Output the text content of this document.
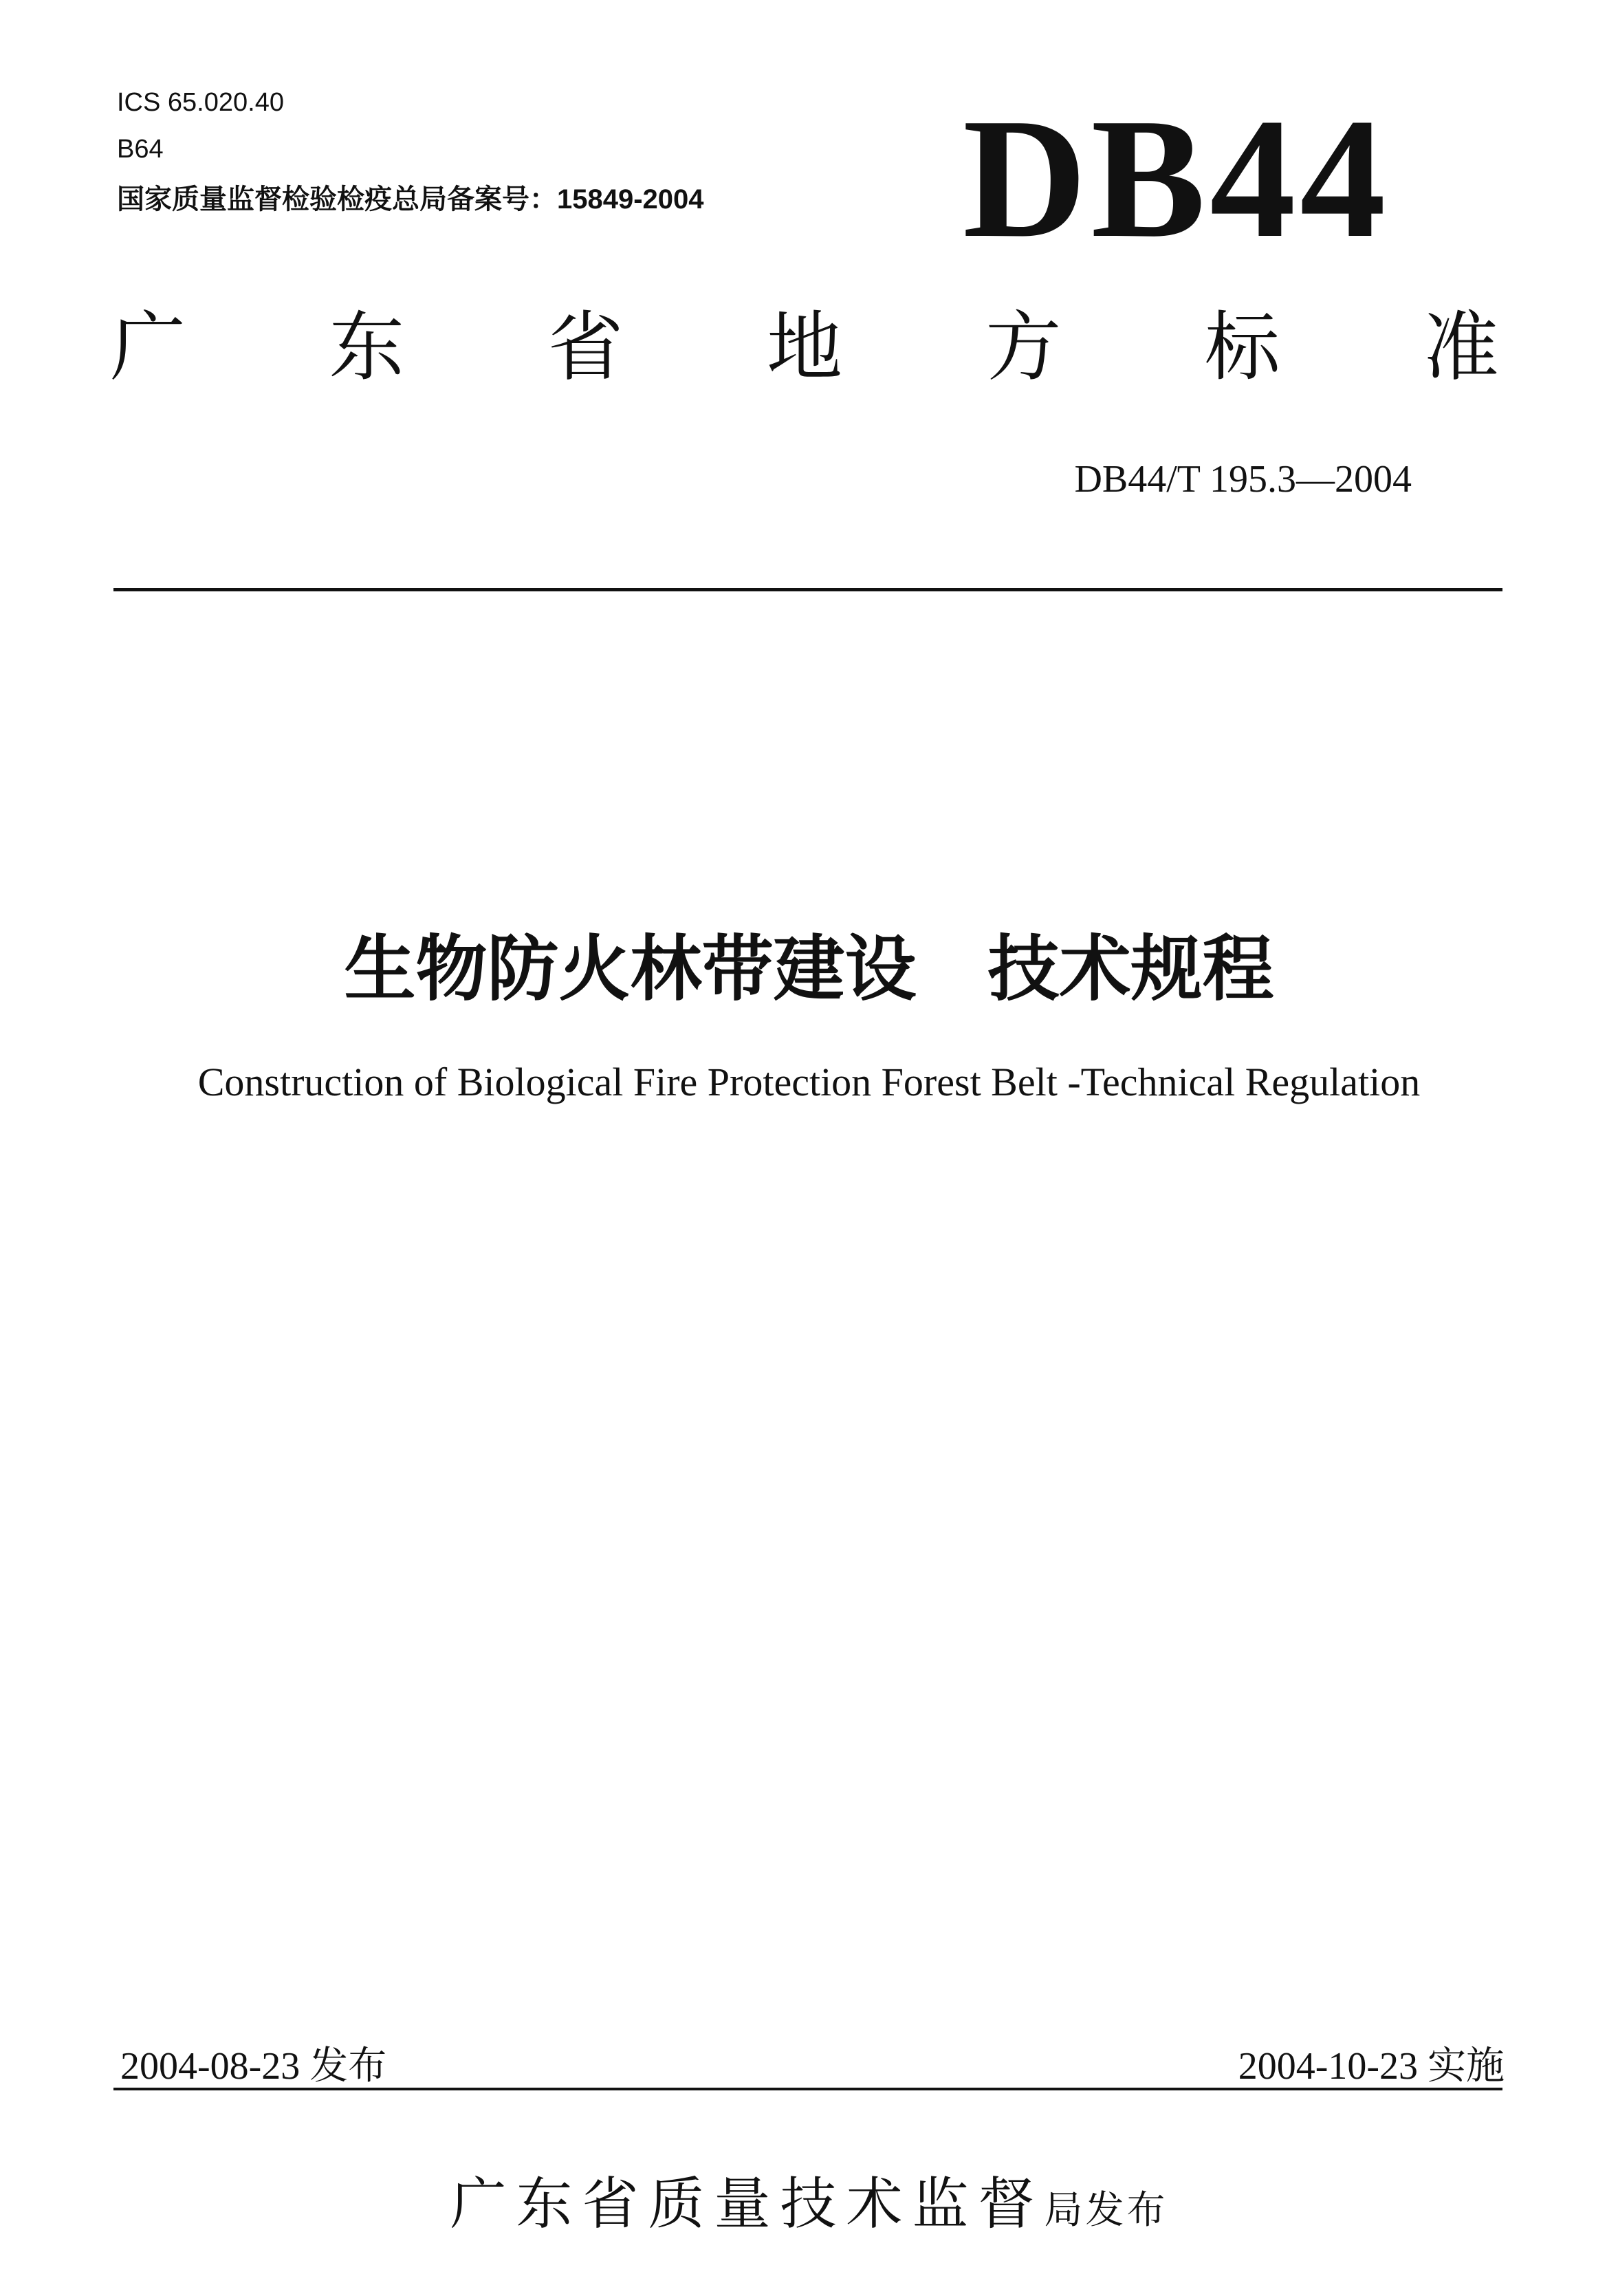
ICS 65.020.40
B64
国家质量监督检验检疫总局备案号：15849-2004 DB44
广 东 省 地 方 标 准
DB44/T 195.3—2004
生物防火林带建设　技术规程
Construction of Biological Fire Protection Forest Belt -Technical Regulation
2004-08-23 发布	2004-10-23 实施
广东省质量技术监督局发布
